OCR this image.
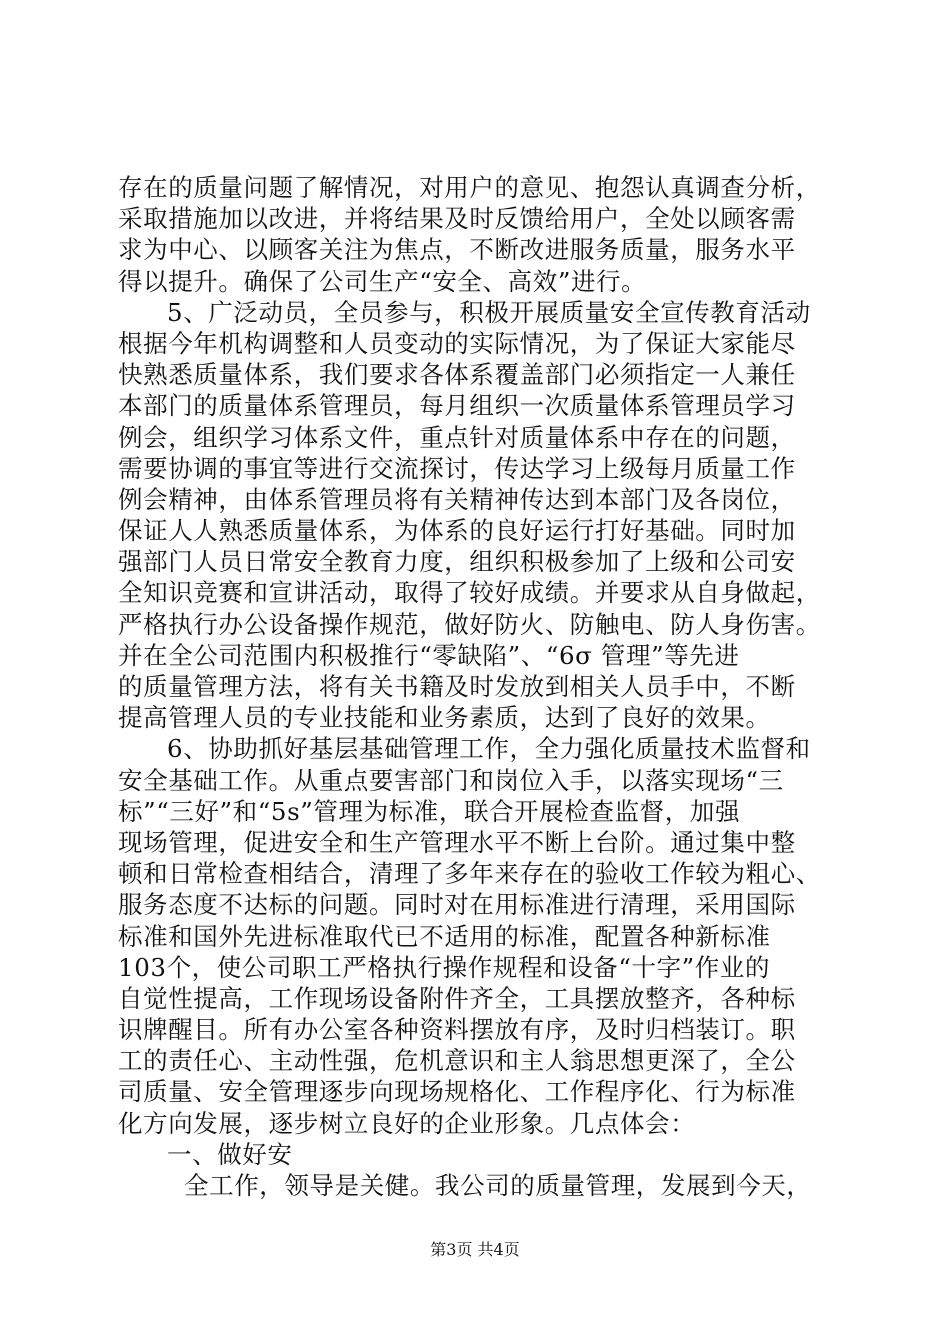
存在的质量问题了解情况，对用户的意见、抱怨认真调查分析，
采取措施加以改进，并将结果及时反馈给用户，全处以顾客需
求为中心、以顾客关注为焦点，不断改进服务质量，服务水平
得以提升。确保了公司生产“安全、高效”进行。
5、广泛动员，全员参与，积极开展质量安全宣传教育活动
根据今年机构调整和人员变动的实际情况，为了保证大家能尽
快熟悉质量体系，我们要求各体系覆盖部门必须指定一人兼任
本部门的质量体系管理员，每月组织一次质量体系管理员学习
例会，组织学习体系文件，重点针对质量体系中存在的问题，
需要协调的事宜等进行交流探讨，传达学习上级每月质量工作
例会精神，由体系管理员将有关精神传达到本部门及各岗位，
保证人人熟悉质量体系，为体系的良好运行打好基础。同时加
强部门人员日常安全教育力度，组织积极参加了上级和公司安
全知识竞赛和宣讲活动，取得了较好成绩。并要求从自身做起，
严格执行办公设备操作规范，做好防火、防触电、防人身伤害。
并在全公司范围内积极推行“零缺陷”、“6σ 管理”等先进
的质量管理方法，将有关书籍及时发放到相关人员手中，不断
提高管理人员的专业技能和业务素质，达到了良好的效果。
6、协助抓好基层基础管理工作，全力强化质量技术监督和
安全基础工作。从重点要害部门和岗位入手，以落实现场“三
标”“三好”和“5s”管理为标准，联合开展检查监督，加强
现场管理，促进安全和生产管理水平不断上台阶。通过集中整
顿和日常检查相结合，清理了多年来存在的验收工作较为粗心、
服务态度不达标的问题。同时对在用标准进行清理，采用国际
标准和国外先进标准取代已不适用的标准，配置各种新标准
103个，使公司职工严格执行操作规程和设备“十字”作业的
自觉性提高，工作现场设备附件齐全，工具摆放整齐，各种标
识牌醒目。所有办公室各种资料摆放有序，及时归档装订。职
工的责任心、主动性强，危机意识和主人翁思想更深了，全公
司质量、安全管理逐步向现场规格化、工作程序化、行为标准
化方向发展，逐步树立良好的企业形象。几点体会：
一、做好安
全工作，领导是关健。我公司的质量管理，发展到今天，
第3页 共4页
